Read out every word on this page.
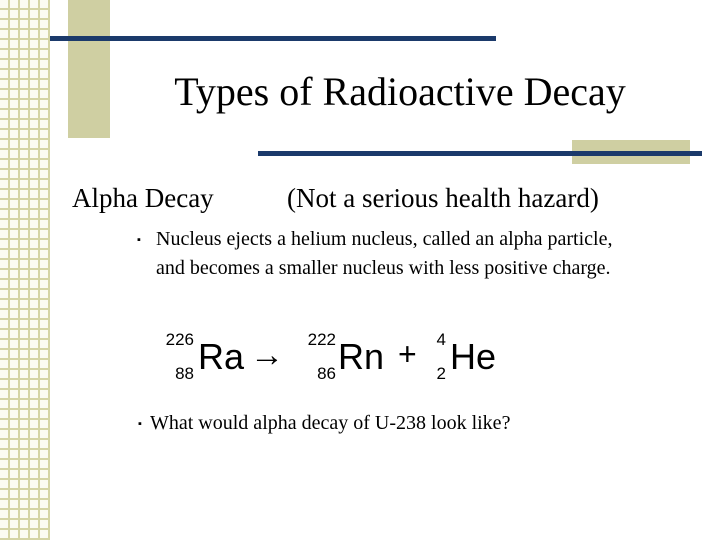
Types of Radioactive Decay
Alpha Decay	(Not a serious health hazard)
▪ Nucleus ejects a helium nucleus, called an alpha particle, and becomes a smaller nucleus with less positive charge.
226
88 Ra → 222
86 Rn + 4
2 He
▪ What would alpha decay of U-238 look like?
